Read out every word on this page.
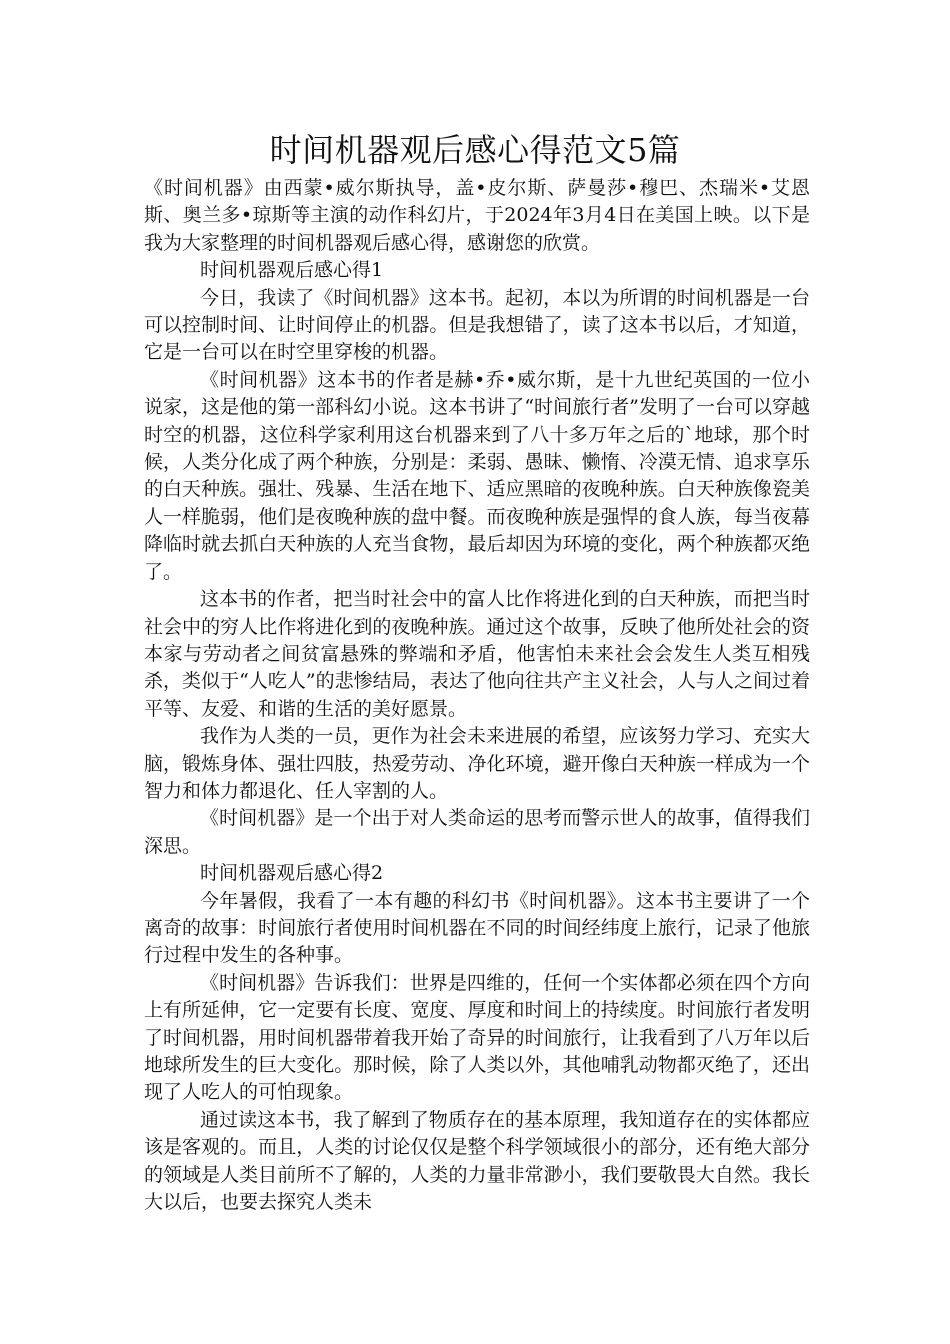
时间机器观后感心得范文5篇

《时间机器》由西蒙•威尔斯执导，盖•皮尔斯、萨曼莎•穆巴、杰瑞米•艾恩斯、奥兰多•琼斯等主演的动作科幻片，于2024年3月4日在美国上映。以下是我为大家整理的时间机器观后感心得，感谢您的欣赏。

时间机器观后感心得1

今日，我读了《时间机器》这本书。起初，本以为所谓的时间机器是一台可以控制时间、让时间停止的机器。但是我想错了，读了这本书以后，才知道，它是一台可以在时空里穿梭的机器。

《时间机器》这本书的作者是赫•乔•威尔斯，是十九世纪英国的一位小说家，这是他的第一部科幻小说。这本书讲了“时间旅行者”发明了一台可以穿越时空的机器，这位科学家利用这台机器来到了八十多万年之后的`地球，那个时候，人类分化成了两个种族，分别是：柔弱、愚昧、懒惰、冷漠无情、追求享乐的白天种族。强壮、残暴、生活在地下、适应黑暗的夜晚种族。白天种族像瓷美人一样脆弱，他们是夜晚种族的盘中餐。而夜晚种族是强悍的食人族，每当夜幕降临时就去抓白天种族的人充当食物，最后却因为环境的变化，两个种族都灭绝了。

这本书的作者，把当时社会中的富人比作将进化到的白天种族，而把当时社会中的穷人比作将进化到的夜晚种族。通过这个故事，反映了他所处社会的资本家与劳动者之间贫富悬殊的弊端和矛盾，他害怕未来社会会发生人类互相残杀，类似于“人吃人”的悲惨结局，表达了他向往共产主义社会，人与人之间过着平等、友爱、和谐的生活的美好愿景。

我作为人类的一员，更作为社会未来进展的希望，应该努力学习、充实大脑，锻炼身体、强壮四肢，热爱劳动、净化环境，避开像白天种族一样成为一个智力和体力都退化、任人宰割的人。

《时间机器》是一个出于对人类命运的思考而警示世人的故事，值得我们深思。

时间机器观后感心得2

今年暑假，我看了一本有趣的科幻书《时间机器》。这本书主要讲了一个离奇的故事：时间旅行者使用时间机器在不同的时间经纬度上旅行，记录了他旅行过程中发生的各种事。

《时间机器》告诉我们：世界是四维的，任何一个实体都必须在四个方向上有所延伸，它一定要有长度、宽度、厚度和时间上的持续度。时间旅行者发明了时间机器，用时间机器带着我开始了奇异的时间旅行，让我看到了八万年以后地球所发生的巨大变化。那时候，除了人类以外，其他哺乳动物都灭绝了，还出现了人吃人的可怕现象。

通过读这本书，我了解到了物质存在的基本原理，我知道存在的实体都应该是客观的。而且，人类的讨论仅仅是整个科学领域很小的部分，还有绝大部分的领域是人类目前所不了解的，人类的力量非常渺小，我们要敬畏大自然。我长大以后，也要去探究人类未
